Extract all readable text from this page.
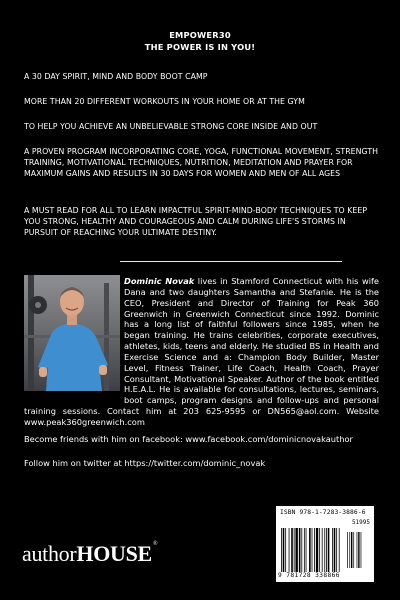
EMPOWER30
THE POWER IS IN YOU!
A 30 DAY SPIRIT, MIND AND BODY BOOT CAMP
MORE THAN 20 DIFFERENT WORKOUTS IN YOUR HOME OR AT THE GYM
TO HELP YOU ACHIEVE AN UNBELIEVABLE STRONG CORE INSIDE AND OUT
A PROVEN PROGRAM INCORPORATING CORE, YOGA, FUNCTIONAL MOVEMENT, STRENGTH TRAINING, MOTIVATIONAL TECHNIQUES, NUTRITION, MEDITATION AND PRAYER FOR MAXIMUM GAINS AND RESULTS IN 30 DAYS FOR WOMEN AND MEN OF ALL AGES
A MUST READ FOR ALL TO LEARN IMPACTFUL SPIRIT-MIND-BODY TECHNIQUES TO KEEP YOU STRONG, HEALTHY AND COURAGEOUS AND CALM DURING LIFE'S STORMS IN PURSUIT OF REACHING YOUR ULTIMATE DESTINY.
Dominic Novak lives in Stamford Connecticut with his wife Dana and two daughters Samantha and Stefanie. He is the CEO, President and Director of Training for Peak 360 Greenwich in Greenwich Connecticut since 1992. Dominic has a long list of faithful followers since 1985, when he began training. He trains celebrities, corporate executives, athletes, kids, teens and elderly. He studied BS in Health and Exercise Science and a: Champion Body Builder, Master Level, Fitness Trainer, Life Coach, Health Coach, Prayer Consultant, Motivational Speaker. Author of the book entitled H.E.A.L. He is available for consultations, lectures, seminars, boot camps, program designs and follow-ups and personal training sessions. Contact him at 203 625-9595 or DN565@aol.com. Website www.peak360greenwich.com
Become friends with him on facebook: www.facebook.com/dominicnovakauthor
Follow him on twitter at https://twitter.com/dominic_novak
authorHOUSE®
ISBN 978-1-7283-3886-6
51995
9 781728 338866
